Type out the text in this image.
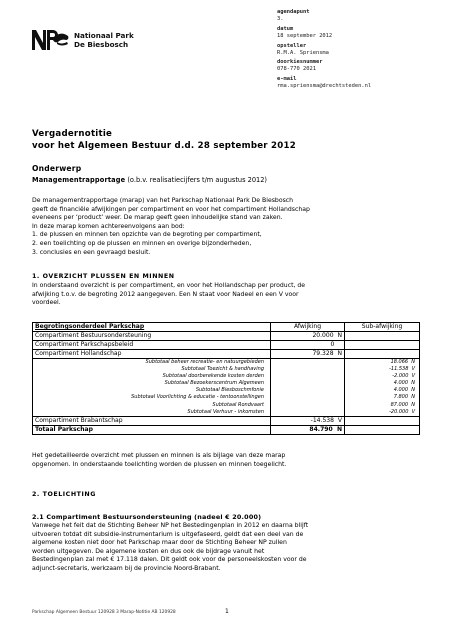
Nationaal Park
De Biesbosch
agendapunt
3.
datum
18 september 2012
opsteller
R.M.A. Spriensma
doorkiesnummer
078-770 2021
e-mail
rma.spriensma@drechtsteden.nl
Vergadernotitie
voor het Algemeen Bestuur d.d. 28 september 2012
Onderwerp
Managementrapportage (o.b.v. realisatiecijfers t/m augustus 2012)
De managementrapportage (marap) van het Parkschap Nationaal Park De Biesbosch
geeft de financiële afwijkingen per compartiment en voor het compartiment Hollandschap
eveneens per ‘product’ weer. De marap geeft geen inhoudelijke stand van zaken.
In deze marap komen achtereenvolgens aan bod:
1. de plussen en minnen ten opzichte van de begroting per compartiment,
2. een toelichting op de plussen en minnen en overige bijzonderheden,
3. conclusies en een gevraagd besluit.
1. OVERZICHT PLUSSEN EN MINNEN
In onderstaand overzicht is per compartiment, en voor het Hollandschap per product, de
afwijking t.o.v. de begroting 2012 aangegeven. Een N staat voor Nadeel en een V voor
voordeel.
Begrotingsonderdeel Parkschap	Afwijking	Sub-afwijking
Compartiment Bestuursondersteuning	20.000 N	
Compartiment Parkschapsbeleid	0	
Compartiment Hollandschap	79.328 N	
Subtotaal beheer recreatie- en natuurgebieden		18.066 N
Subtotaal Toezicht & handhaving		-11.538 V
Subtotaal doorberekende kosten derden		-2.000 V
Subtotaal Bezoekerscentrum Algemeen		4.000 N
Subtotaal Biesboschmfonie		4.000 N
Subtotaal Voorlichting & educatie - tentoonstellingen		7.800 N
Subtotaal Rondvaart		87.000 N
Subtotaal Verhuur - inkomsten		-20.000 V
Compartiment Brabantschap	-14.538 V	
Totaal Parkschap	84.790 N	
Het gedetailleerde overzicht met plussen en minnen is als bijlage van deze marap
opgenomen. In onderstaande toelichting worden de plussen en minnen toegelicht.
2. TOELICHTING
2.1 Compartiment Bestuursondersteuning (nadeel € 20.000)
Vanwege het feit dat de Stichting Beheer NP het Bestedingenplan in 2012 en daarna blijft
uitvoeren totdat dit subsidie-instrumentarium is uitgefaseerd, geldt dat een deel van de
algemene kosten niet door het Parkschap maar door de Stichting Beheer NP zullen
worden uitgegeven. De algemene kosten en dus ook de bijdrage vanuit het
Bestedingenplan zal met € 17.118 dalen. Dit geldt ook voor de personeelskosten voor de
adjunct-secretaris, werkzaam bij de provincie Noord-Brabant.
Parkschap Algemeen Bestuur 120928 3 Marap-Notitie AB 120928	1
